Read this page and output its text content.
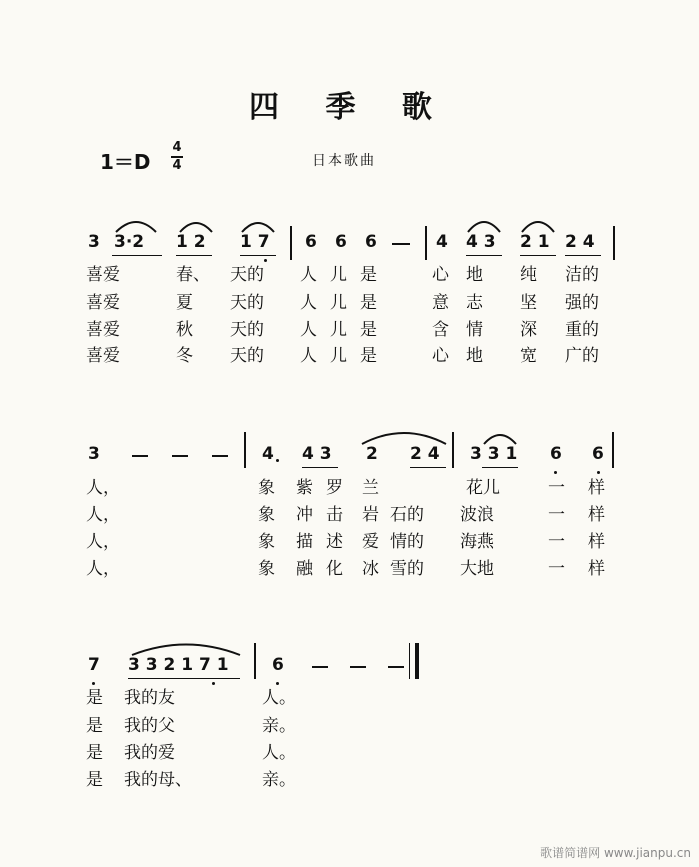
四 季 歌
1＝D
4
4	日本歌曲
3 3·2 1 2 1 7 6 6 6	4 4 3 2 1 2 4
喜爱	春、 天的 人 儿 是	心 地 纯 洁的
喜爱	夏 天的 人 儿 是	意 志 坚 强的
喜爱	秋 天的 人 儿 是	含 情 深 重的
喜爱	冬 天的 人 儿 是	心 地 宽 广的
3	4 4 3 2 2 4 3 3 1 6 6
人，	象 紫 罗 兰	花儿	一 样
人，	象 冲 击 岩 石的 波浪	一 样
人，	象 描 述 爱 情的 海燕	一 样
人，	象 融 化 冰 雪的 大地	一 样
7 3 3 2 1 7 1	6
是 我的友	人。
是 我的父	亲。
是 我的爱	人。
是 我的母、	亲。
歌谱简谱网 www.jianpu.cn
